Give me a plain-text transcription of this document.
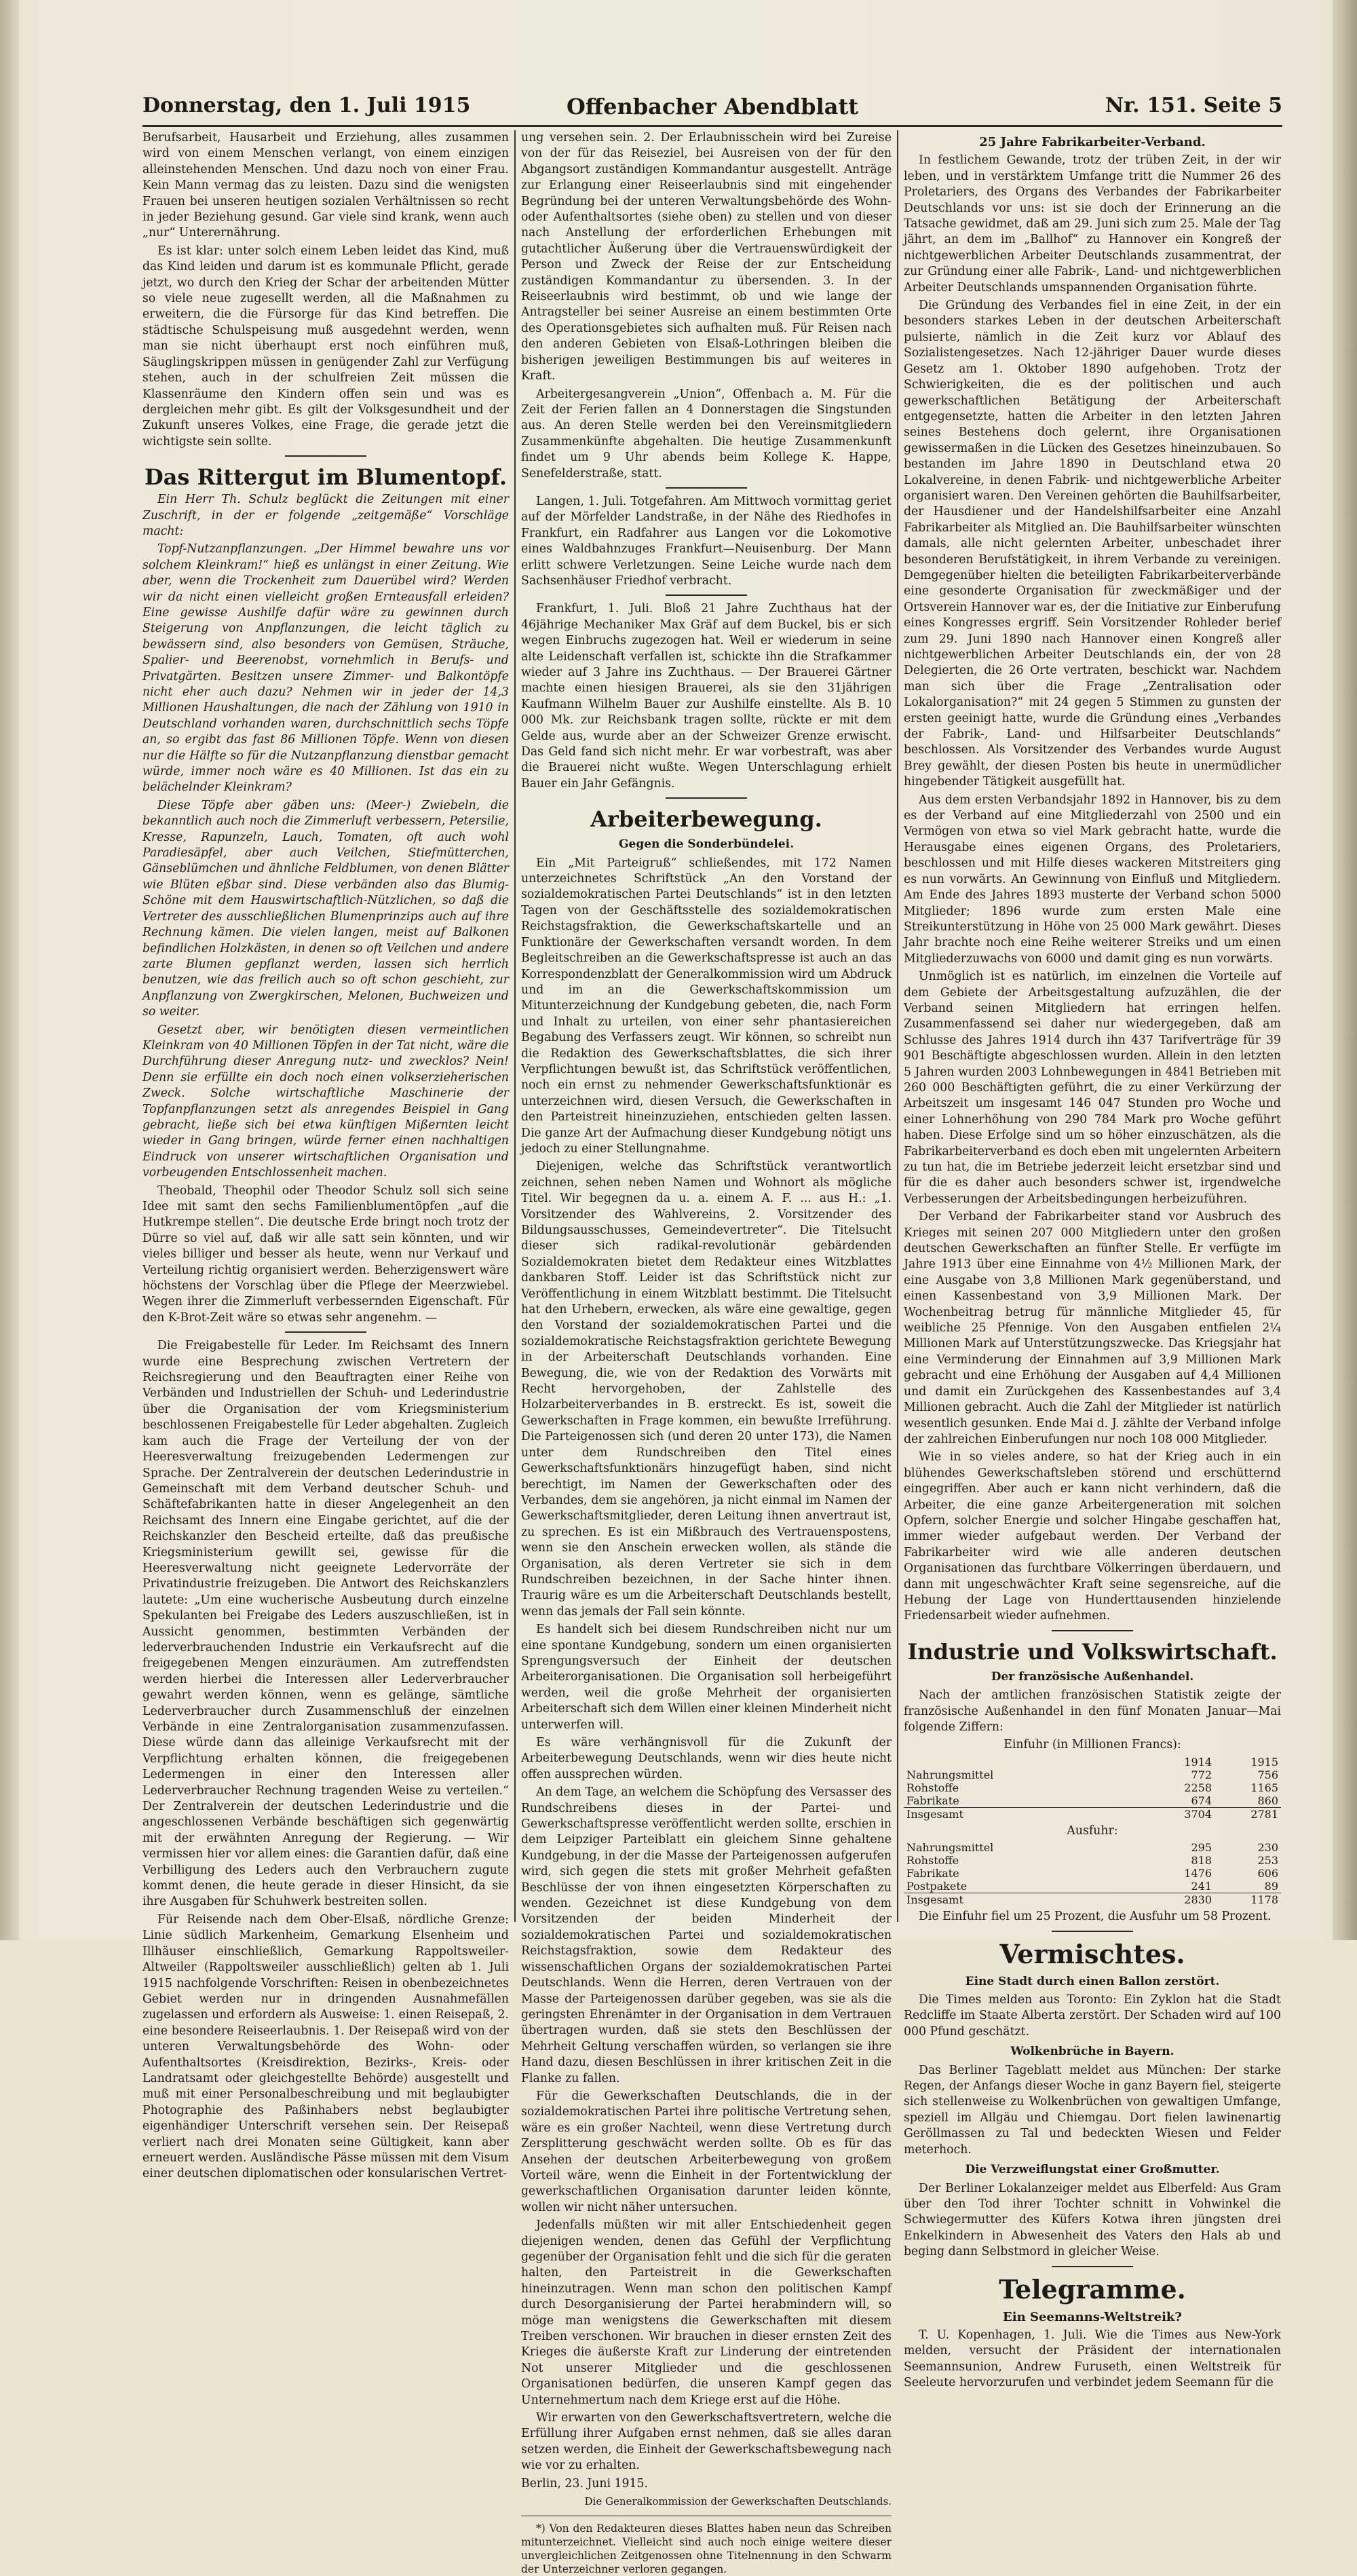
Donnerstag, den 1. Juli 1915	Offenbacher Abendblatt	Nr. 151. Seite 5

Berufsarbeit, Hausarbeit und Erziehung, alles zusammen wird von einem Menschen verlangt, von einem einzigen alleinstehenden Menschen. Und dazu noch von einer Frau. Kein Mann vermag das zu leisten. Dazu sind die wenigsten Frauen bei unseren heutigen sozialen Verhältnissen so recht in jeder Beziehung gesund. Gar viele sind krank, wenn auch „nur“ Unterernährung.

Es ist klar: unter solch einem Leben leidet das Kind, muß das Kind leiden und darum ist es kommunale Pflicht, gerade jetzt, wo durch den Krieg der Schar der arbeitenden Mütter so viele neue zugesellt werden, all die Maßnahmen zu erweitern, die die Fürsorge für das Kind betreffen. Die städtische Schulspeisung muß ausgedehnt werden, wenn man sie nicht überhaupt erst noch einführen muß, Säuglingskrippen müssen in genügender Zahl zur Verfügung stehen, auch in der schulfreien Zeit müssen die Klassenräume den Kindern offen sein und was es dergleichen mehr gibt. Es gilt der Volksgesundheit und der Zukunft unseres Volkes, eine Frage, die gerade jetzt die wichtigste sein sollte.

Das Rittergut im Blumentopf.

Ein Herr Th. Schulz beglückt die Zeitungen mit einer Zuschrift, in der er folgende „zeitgemäße“ Vorschläge macht:

Topf-Nutzanpflanzungen. „Der Himmel bewahre uns vor solchem Kleinkram!“ hieß es unlängst in einer Zeitung. Wie aber, wenn die Trockenheit zum Dauerübel wird? Werden wir da nicht einen vielleicht großen Ernteausfall erleiden? Eine gewisse Aushilfe dafür wäre zu gewinnen durch Steigerung von Anpflanzungen, die leicht täglich zu bewässern sind, also besonders von Gemüsen, Sträuche, Spalier- und Beerenobst, vornehmlich in Berufs- und Privatgärten. Besitzen unsere Zimmer- und Balkontöpfe nicht eher auch dazu? Nehmen wir in jeder der 14,3 Millionen Haushaltungen, die nach der Zählung von 1910 in Deutschland vorhanden waren, durchschnittlich sechs Töpfe an, so ergibt das fast 86 Millionen Töpfe. Wenn von diesen nur die Hälfte so für die Nutzanpflanzung dienstbar gemacht würde, immer noch wäre es 40 Millionen. Ist das ein zu belächelnder Kleinkram?

Diese Töpfe aber gäben uns: (Meer-) Zwiebeln, die bekanntlich auch noch die Zimmerluft verbessern, Petersilie, Kresse, Rapunzeln, Lauch, Tomaten, oft auch wohl Paradiesäpfel, aber auch Veilchen, Stiefmütterchen, Gänseblümchen und ähnliche Feldblumen, von denen Blätter wie Blüten eßbar sind. Diese verbänden also das Blumig-Schöne mit dem Hauswirtschaftlich-Nützlichen, so daß die Vertreter des ausschließlichen Blumenprinzips auch auf ihre Rechnung kämen. Die vielen langen, meist auf Balkonen befindlichen Holzkästen, in denen so oft Veilchen und andere zarte Blumen gepflanzt werden, lassen sich herrlich benutzen, wie das freilich auch so oft schon geschieht, zur Anpflanzung von Zwergkirschen, Melonen, Buchweizen und so weiter.

Gesetzt aber, wir benötigten diesen vermeintlichen Kleinkram von 40 Millionen Töpfen in der Tat nicht, wäre die Durchführung dieser Anregung nutz- und zwecklos? Nein! Denn sie erfüllte ein doch noch einen volkserzieherischen Zweck. Solche wirtschaftliche Maschinerie der Topfanpflanzungen setzt als anregendes Beispiel in Gang gebracht, ließe sich bei etwa künftigen Mißernten leicht wieder in Gang bringen, würde ferner einen nachhaltigen Eindruck von unserer wirtschaftlichen Organisation und vorbeugenden Entschlossenheit machen.

Theobald, Theophil oder Theodor Schulz soll sich seine Idee mit samt den sechs Familienblumentöpfen „auf die Hutkrempe stellen“. Die deutsche Erde bringt noch trotz der Dürre so viel auf, daß wir alle satt sein könnten, und wir vieles billiger und besser als heute, wenn nur Verkauf und Verteilung richtig organisiert werden. Beherzigenswert wäre höchstens der Vorschlag über die Pflege der Meerzwiebel. Wegen ihrer die Zimmerluft verbessernden Eigenschaft. Für den K-Brot-Zeit wäre so etwas sehr angenehm. —

Die Freigabestelle für Leder. Im Reichsamt des Innern wurde eine Besprechung zwischen Vertretern der Reichsregierung und den Beauftragten einer Reihe von Verbänden und Industriellen der Schuh- und Lederindustrie über die Organisation der vom Kriegsministerium beschlossenen Freigabestelle für Leder abgehalten. Zugleich kam auch die Frage der Verteilung der von der Heeresverwaltung freizugebenden Ledermengen zur Sprache. Der Zentralverein der deutschen Lederindustrie in Gemeinschaft mit dem Verband deutscher Schuh- und Schäftefabrikanten hatte in dieser Angelegenheit an den Reichsamt des Innern eine Eingabe gerichtet, auf die der Reichskanzler den Bescheid erteilte, daß das preußische Kriegsministerium gewillt sei, gewisse für die Heeresverwaltung nicht geeignete Ledervorräte der Privatindustrie freizugeben. Die Antwort des Reichskanzlers lautete: „Um eine wucherische Ausbeutung durch einzelne Spekulanten bei Freigabe des Leders auszuschließen, ist in Aussicht genommen, bestimmten Verbänden der lederverbrauchenden Industrie ein Verkaufsrecht auf die freigegebenen Mengen einzuräumen. Am zutreffendsten werden hierbei die Interessen aller Lederverbraucher gewahrt werden können, wenn es gelänge, sämtliche Lederverbraucher durch Zusammenschluß der einzelnen Verbände in eine Zentralorganisation zusammenzufassen. Diese würde dann das alleinige Verkaufsrecht mit der Verpflichtung erhalten können, die freigegebenen Ledermengen in einer den Interessen aller Lederverbraucher Rechnung tragenden Weise zu verteilen.“ Der Zentralverein der deutschen Lederindustrie und die angeschlossenen Verbände beschäftigen sich gegenwärtig mit der erwähnten Anregung der Regierung. — Wir vermissen hier vor allem eines: die Garantien dafür, daß eine Verbilligung des Leders auch den Verbrauchern zugute kommt denen, die heute gerade in dieser Hinsicht, da sie ihre Ausgaben für Schuhwerk bestreiten sollen.

Für Reisende nach dem Ober-Elsaß, nördliche Grenze: Linie südlich Markenheim, Gemarkung Elsenheim und Illhäuser einschließlich, Gemarkung Rappoltsweiler-Altweiler (Rappoltsweiler ausschließlich) gelten ab 1. Juli 1915 nachfolgende Vorschriften: Reisen in obenbezeichnetes Gebiet werden nur in dringenden Ausnahmefällen zugelassen und erfordern als Ausweise: 1. einen Reisepaß, 2. eine besondere Reiseerlaubnis. 1. Der Reisepaß wird von der unteren Verwaltungsbehörde des Wohn- oder Aufenthaltsortes (Kreisdirektion, Bezirks-, Kreis- oder Landratsamt oder gleichgestellte Behörde) ausgestellt und muß mit einer Personalbeschreibung und mit beglaubigter Photographie des Paßinhabers nebst beglaubigter eigenhändiger Unterschrift versehen sein. Der Reisepaß verliert nach drei Monaten seine Gültigkeit, kann aber erneuert werden. Ausländische Pässe müssen mit dem Visum einer deutschen diplomatischen oder konsularischen Vertret-

ung versehen sein. 2. Der Erlaubnisschein wird bei Zureise von der für das Reiseziel, bei Ausreisen von der für den Abgangsort zuständigen Kommandantur ausgestellt. Anträge zur Erlangung einer Reiseerlaubnis sind mit eingehender Begründung bei der unteren Verwaltungsbehörde des Wohn- oder Aufenthaltsortes (siehe oben) zu stellen und von dieser nach Anstellung der erforderlichen Erhebungen mit gutachtlicher Äußerung über die Vertrauenswürdigkeit der Person und Zweck der Reise der zur Entscheidung zuständigen Kommandantur zu übersenden. 3. In der Reiseerlaubnis wird bestimmt, ob und wie lange der Antragsteller bei seiner Ausreise an einem bestimmten Orte des Operationsgebietes sich aufhalten muß. Für Reisen nach den anderen Gebieten von Elsaß-Lothringen bleiben die bisherigen jeweiligen Bestimmungen bis auf weiteres in Kraft.

Arbeitergesangverein „Union“, Offenbach a. M. Für die Zeit der Ferien fallen an 4 Donnerstagen die Singstunden aus. An deren Stelle werden bei den Vereinsmitgliedern Zusammenkünfte abgehalten. Die heutige Zusammenkunft findet um 9 Uhr abends beim Kollege K. Happe, Senefelderstraße, statt.

Langen, 1. Juli. Totgefahren. Am Mittwoch vormittag geriet auf der Mörfelder Landstraße, in der Nähe des Riedhofes in Frankfurt, ein Radfahrer aus Langen vor die Lokomotive eines Waldbahnzuges Frankfurt—Neuisenburg. Der Mann erlitt schwere Verletzungen. Seine Leiche wurde nach dem Sachsenhäuser Friedhof verbracht.

Frankfurt, 1. Juli. Bloß 21 Jahre Zuchthaus hat der 46jährige Mechaniker Max Gräf auf dem Buckel, bis er sich wegen Einbruchs zugezogen hat. Weil er wiederum in seine alte Leidenschaft verfallen ist, schickte ihn die Strafkammer wieder auf 3 Jahre ins Zuchthaus. — Der Brauerei Gärtner machte einen hiesigen Brauerei, als sie den 31jährigen Kaufmann Wilhelm Bauer zur Aushilfe einstellte. Als B. 10 000 Mk. zur Reichsbank tragen sollte, rückte er mit dem Gelde aus, wurde aber an der Schweizer Grenze erwischt. Das Geld fand sich nicht mehr. Er war vorbestraft, was aber die Brauerei nicht wußte. Wegen Unterschlagung erhielt Bauer ein Jahr Gefängnis.

Arbeiterbewegung.
Gegen die Sonderbündelei.

Ein „Mit Parteigruß“ schließendes, mit 172 Namen unterzeichnetes Schriftstück „An den Vorstand der sozialdemokratischen Partei Deutschlands“ ist in den letzten Tagen von der Geschäftsstelle des sozialdemokratischen Reichstagsfraktion, die Gewerkschaftskartelle und an Funktionäre der Gewerkschaften versandt worden. In dem Begleitschreiben an die Gewerkschaftspresse ist auch an das Korrespondenzblatt der Generalkommission wird um Abdruck und im an die Gewerkschaftskommission um Mitunterzeichnung der Kundgebung gebeten, die, nach Form und Inhalt zu urteilen, von einer sehr phantasiereichen Begabung des Verfassers zeugt. Wir können, so schreibt nun die Redaktion des Gewerkschaftsblattes, die sich ihrer Verpflichtungen bewußt ist, das Schriftstück veröffentlichen, noch ein ernst zu nehmender Gewerkschaftsfunktionär es unterzeichnen wird, diesen Versuch, die Gewerkschaften in den Parteistreit hineinzuziehen, entschieden gelten lassen. Die ganze Art der Aufmachung dieser Kundgebung nötigt uns jedoch zu einer Stellungnahme.

Diejenigen, welche das Schriftstück verantwortlich zeichnen, sehen neben Namen und Wohnort als mögliche Titel. Wir begegnen da u. a. einem A. F. ... aus H.: „1. Vorsitzender des Wahlvereins, 2. Vorsitzender des Bildungsausschusses, Gemeindevertreter“. Die Titelsucht dieser sich radikal-revolutionär gebärdenden Sozialdemokraten bietet dem Redakteur eines Witzblattes dankbaren Stoff. Leider ist das Schriftstück nicht zur Veröffentlichung in einem Witzblatt bestimmt. Die Titelsucht hat den Urhebern, erwecken, als wäre eine gewaltige, gegen den Vorstand der sozialdemokratischen Partei und die sozialdemokratische Reichstagsfraktion gerichtete Bewegung in der Arbeiterschaft Deutschlands vorhanden. Eine Bewegung, die, wie von der Redaktion des Vorwärts mit Recht hervorgehoben, der Zahlstelle des Holzarbeiterverbandes in B. erstreckt. Es ist, soweit die Gewerkschaften in Frage kommen, ein bewußte Irreführung. Die Parteigenossen sich (und deren 20 unter 173), die Namen unter dem Rundschreiben den Titel eines Gewerkschaftsfunktionärs hinzugefügt haben, sind nicht berechtigt, im Namen der Gewerkschaften oder des Verbandes, dem sie angehören, ja nicht einmal im Namen der Gewerkschaftsmitglieder, deren Leitung ihnen anvertraut ist, zu sprechen. Es ist ein Mißbrauch des Vertrauenspostens, wenn sie den Anschein erwecken wollen, als stände die Organisation, als deren Vertreter sie sich in dem Rundschreiben bezeichnen, in der Sache hinter ihnen. Traurig wäre es um die Arbeiterschaft Deutschlands bestellt, wenn das jemals der Fall sein könnte.

Es handelt sich bei diesem Rundschreiben nicht nur um eine spontane Kundgebung, sondern um einen organisierten Sprengungsversuch der Einheit der deutschen Arbeiterorganisationen. Die Organisation soll herbeigeführt werden, weil die große Mehrheit der organisierten Arbeiterschaft sich dem Willen einer kleinen Minderheit nicht unterwerfen will.

Es wäre verhängnisvoll für die Zukunft der Arbeiterbewegung Deutschlands, wenn wir dies heute nicht offen aussprechen würden.

An dem Tage, an welchem die Schöpfung des Versasser des Rundschreibens dieses in der Partei- und Gewerkschaftspresse veröffentlicht werden sollte, erschien in dem Leipziger Parteiblatt ein gleichem Sinne gehaltene Kundgebung, in der die Masse der Parteigenossen aufgerufen wird, sich gegen die stets mit großer Mehrheit gefaßten Beschlüsse der von ihnen eingesetzten Körperschaften zu wenden. Gezeichnet ist diese Kundgebung von dem Vorsitzenden der beiden Minderheit der sozialdemokratischen Partei und sozialdemokratischen Reichstagsfraktion, sowie dem Redakteur des wissenschaftlichen Organs der sozialdemokratischen Partei Deutschlands. Wenn die Herren, deren Vertrauen von der Masse der Parteigenossen darüber gegeben, was sie als die geringsten Ehrenämter in der Organisation in dem Vertrauen übertragen wurden, daß sie stets den Beschlüssen der Mehrheit Geltung verschaffen würden, so verlangen sie ihre Hand dazu, diesen Beschlüssen in ihrer kritischen Zeit in die Flanke zu fallen.

Für die Gewerkschaften Deutschlands, die in der sozialdemokratischen Partei ihre politische Vertretung sehen, wäre es ein großer Nachteil, wenn diese Vertretung durch Zersplitterung geschwächt werden sollte. Ob es für das Ansehen der deutschen Arbeiterbewegung von großem Vorteil wäre, wenn die Einheit in der Fortentwicklung der gewerkschaftlichen Organisation darunter leiden könnte, wollen wir nicht näher untersuchen.

Jedenfalls müßten wir mit aller Entschiedenheit gegen diejenigen wenden, denen das Gefühl der Verpflichtung gegenüber der Organisation fehlt und die sich für die geraten halten, den Parteistreit in die Gewerkschaften hineinzutragen. Wenn man schon den politischen Kampf durch Desorganisierung der Partei herabmindern will, so möge man wenigstens die Gewerkschaften mit diesem Treiben verschonen. Wir brauchen in dieser ernsten Zeit des Krieges die äußerste Kraft zur Linderung der eintretenden Not unserer Mitglieder und die geschlossenen Organisationen bedürfen, die unseren Kampf gegen das Unternehmertum nach dem Kriege erst auf die Höhe.

Wir erwarten von den Gewerkschaftsvertretern, welche die Erfüllung ihrer Aufgaben ernst nehmen, daß sie alles daran setzen werden, die Einheit der Gewerkschaftsbewegung nach wie vor zu erhalten.

Berlin, 23. Juni 1915.

Die Generalkommission der Gewerkschaften Deutschlands.

*) Von den Redakteuren dieses Blattes haben neun das Schreiben mitunterzeichnet. Vielleicht sind auch noch einige weitere dieser unvergleichlichen Zeitgenossen ohne Titelnennung in den Schwarm der Unterzeichner verloren gegangen.

25 Jahre Fabrikarbeiter-Verband.

In festlichem Gewande, trotz der trüben Zeit, in der wir leben, und in verstärktem Umfange tritt die Nummer 26 des Proletariers, des Organs des Verbandes der Fabrikarbeiter Deutschlands vor uns: ist sie doch der Erinnerung an die Tatsache gewidmet, daß am 29. Juni sich zum 25. Male der Tag jährt, an dem im „Ballhof“ zu Hannover ein Kongreß der nichtgewerblichen Arbeiter Deutschlands zusammentrat, der zur Gründung einer alle Fabrik-, Land- und nichtgewerblichen Arbeiter Deutschlands umspannenden Organisation führte.

Die Gründung des Verbandes fiel in eine Zeit, in der ein besonders starkes Leben in der deutschen Arbeiterschaft pulsierte, nämlich in die Zeit kurz vor Ablauf des Sozialistengesetzes. Nach 12-jähriger Dauer wurde dieses Gesetz am 1. Oktober 1890 aufgehoben. Trotz der Schwierigkeiten, die es der politischen und auch gewerkschaftlichen Betätigung der Arbeiterschaft entgegensetzte, hatten die Arbeiter in den letzten Jahren seines Bestehens doch gelernt, ihre Organisationen gewissermaßen in die Lücken des Gesetzes hineinzubauen. So bestanden im Jahre 1890 in Deutschland etwa 20 Lokalvereine, in denen Fabrik- und nichtgewerbliche Arbeiter organisiert waren. Den Vereinen gehörten die Bauhilfsarbeiter, der Hausdiener und der Handelshilfsarbeiter eine Anzahl Fabrikarbeiter als Mitglied an. Die Bauhilfsarbeiter wünschten damals, alle nicht gelernten Arbeiter, unbeschadet ihrer besonderen Berufstätigkeit, in ihrem Verbande zu vereinigen. Demgegenüber hielten die beteiligten Fabrikarbeiterverbände eine gesonderte Organisation für zweckmäßiger und der Ortsverein Hannover war es, der die Initiative zur Einberufung eines Kongresses ergriff. Sein Vorsitzender Rohleder berief zum 29. Juni 1890 nach Hannover einen Kongreß aller nichtgewerblichen Arbeiter Deutschlands ein, der von 28 Delegierten, die 26 Orte vertraten, beschickt war. Nachdem man sich über die Frage „Zentralisation oder Lokalorganisation?“ mit 24 gegen 5 Stimmen zu gunsten der ersten geeinigt hatte, wurde die Gründung eines „Verbandes der Fabrik-, Land- und Hilfsarbeiter Deutschlands“ beschlossen. Als Vorsitzender des Verbandes wurde August Brey gewählt, der diesen Posten bis heute in unermüdlicher hingebender Tätigkeit ausgefüllt hat.

Aus dem ersten Verbandsjahr 1892 in Hannover, bis zu dem es der Verband auf eine Mitgliederzahl von 2500 und ein Vermögen von etwa so viel Mark gebracht hatte, wurde die Herausgabe eines eigenen Organs, des Proletariers, beschlossen und mit Hilfe dieses wackeren Mitstreiters ging es nun vorwärts. An Gewinnung von Einfluß und Mitgliedern. Am Ende des Jahres 1893 musterte der Verband schon 5000 Mitglieder; 1896 wurde zum ersten Male eine Streikunterstützung in Höhe von 25 000 Mark gewährt. Dieses Jahr brachte noch eine Reihe weiterer Streiks und um einen Mitgliederzuwachs von 6000 und damit ging es nun vorwärts.

Unmöglich ist es natürlich, im einzelnen die Vorteile auf dem Gebiete der Arbeitsgestaltung aufzuzählen, die der Verband seinen Mitgliedern hat erringen helfen. Zusammenfassend sei daher nur wiedergegeben, daß am Schlusse des Jahres 1914 durch ihn 437 Tarifverträge für 39 901 Beschäftigte abgeschlossen wurden. Allein in den letzten 5 Jahren wurden 2003 Lohnbewegungen in 4841 Betrieben mit 260 000 Beschäftigten geführt, die zu einer Verkürzung der Arbeitszeit um insgesamt 146 047 Stunden pro Woche und einer Lohnerhöhung von 290 784 Mark pro Woche geführt haben. Diese Erfolge sind um so höher einzuschätzen, als die Fabrikarbeiterverband es doch eben mit ungelernten Arbeitern zu tun hat, die im Betriebe jederzeit leicht ersetzbar sind und für die es daher auch besonders schwer ist, irgendwelche Verbesserungen der Arbeitsbedingungen herbeizuführen.

Der Verband der Fabrikarbeiter stand vor Ausbruch des Krieges mit seinen 207 000 Mitgliedern unter den großen deutschen Gewerkschaften an fünfter Stelle. Er verfügte im Jahre 1913 über eine Einnahme von 4½ Millionen Mark, der eine Ausgabe von 3,8 Millionen Mark gegenüberstand, und einen Kassenbestand von 3,9 Millionen Mark. Der Wochenbeitrag betrug für männliche Mitglieder 45, für weibliche 25 Pfennige. Von den Ausgaben entfielen 2¼ Millionen Mark auf Unterstützungszwecke. Das Kriegsjahr hat eine Verminderung der Einnahmen auf 3,9 Millionen Mark gebracht und eine Erhöhung der Ausgaben auf 4,4 Millionen und damit ein Zurückgehen des Kassenbestandes auf 3,4 Millionen gebracht. Auch die Zahl der Mitglieder ist natürlich wesentlich gesunken. Ende Mai d. J. zählte der Verband infolge der zahlreichen Einberufungen nur noch 108 000 Mitglieder.

Wie in so vieles andere, so hat der Krieg auch in ein blühendes Gewerkschaftsleben störend und erschütternd eingegriffen. Aber auch er kann nicht verhindern, daß die Arbeiter, die eine ganze Arbeitergeneration mit solchen Opfern, solcher Energie und solcher Hingabe geschaffen hat, immer wieder aufgebaut werden. Der Verband der Fabrikarbeiter wird wie alle anderen deutschen Organisationen das furchtbare Völkerringen überdauern, und dann mit ungeschwächter Kraft seine segensreiche, auf die Hebung der Lage von Hunderttausenden hinzielende Friedensarbeit wieder aufnehmen.

Industrie und Volkswirtschaft.
Der französische Außenhandel.

Nach der amtlichen französischen Statistik zeigte der französische Außenhandel in den fünf Monaten Januar—Mai folgende Ziffern:

Einfuhr (in Millionen Francs):

	1914	1915
Nahrungsmittel	772	756
Rohstoffe	2258	1165
Fabrikate	674	860
Insgesamt	3704	2781

Ausfuhr:

Nahrungsmittel	295	230
Rohstoffe	818	253
Fabrikate	1476	606
Postpakete	241	89
Insgesamt	2830	1178

Die Einfuhr fiel um 25 Prozent, die Ausfuhr um 58 Prozent.

Vermischtes.
Eine Stadt durch einen Ballon zerstört.

Die Times melden aus Toronto: Ein Zyklon hat die Stadt Redcliffe im Staate Alberta zerstört. Der Schaden wird auf 100 000 Pfund geschätzt.

Wolkenbrüche in Bayern.

Das Berliner Tageblatt meldet aus München: Der starke Regen, der Anfangs dieser Woche in ganz Bayern fiel, steigerte sich stellenweise zu Wolkenbrüchen von gewaltigen Umfange, speziell im Allgäu und Chiemgau. Dort fielen lawinenartig Geröllmassen zu Tal und bedeckten Wiesen und Felder meterhoch.

Die Verzweiflungstat einer Großmutter.

Der Berliner Lokalanzeiger meldet aus Elberfeld: Aus Gram über den Tod ihrer Tochter schnitt in Vohwinkel die Schwiegermutter des Küfers Kotwa ihren jüngsten drei Enkelkindern in Abwesenheit des Vaters den Hals ab und beging dann Selbstmord in gleicher Weise.

Telegramme.
Ein Seemanns-Weltstreik?

T. U. Kopenhagen, 1. Juli. Wie die Times aus New-York melden, versucht der Präsident der internationalen Seemannsunion, Andrew Furuseth, einen Weltstreik für Seeleute hervorzurufen und verbindet jedem Seemann für die
